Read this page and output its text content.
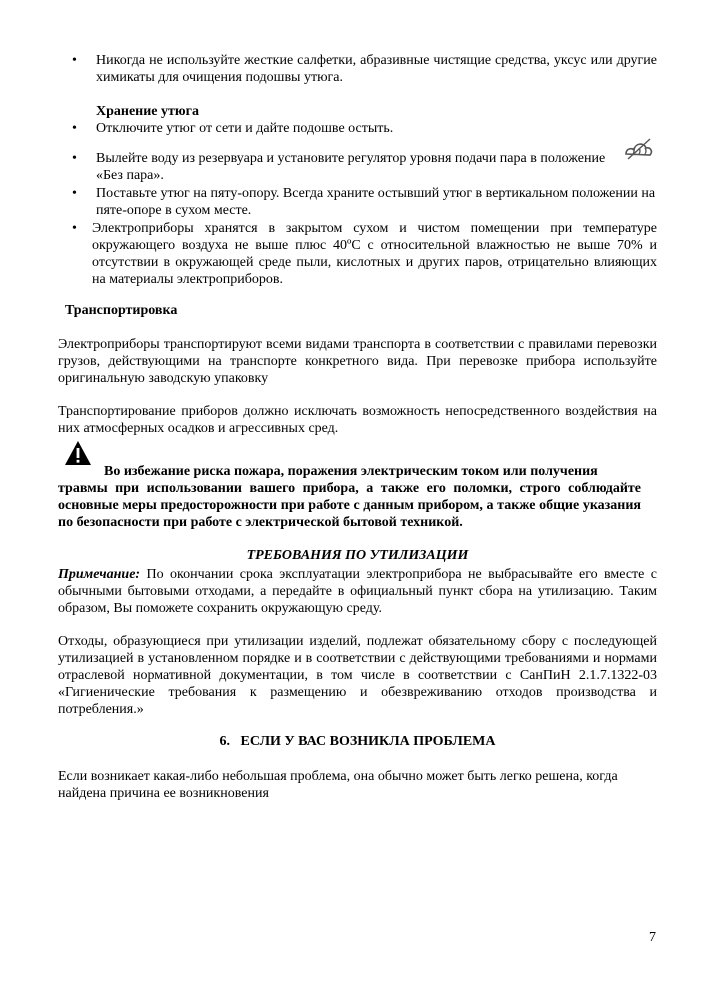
• Никогда не используйте жесткие салфетки, абразивные чистящие средства, уксус или другие химикаты для очищения подошвы утюга.

Хранение утюга

• Отключите утюг от сети и дайте подошве остыть.

• Вылейте воду из резервуара и установите регулятор уровня подачи пара в положение «Без пара».

• Поставьте утюг на пяту-опору. Всегда храните остывший утюг в вертикальном положении на пяте-опоре в сухом месте.

• Электроприборы хранятся в закрытом сухом и чистом помещении при температуре окружающего воздуха не выше плюс 40ºС с относительной влажностью не выше 70% и отсутствии в окружающей среде пыли, кислотных и других паров, отрицательно влияющих на материалы электроприборов.

Транспортировка

Электроприборы транспортируют всеми видами транспорта в соответствии с правилами перевозки грузов, действующими на транспорте конкретного вида. При перевозке прибора используйте оригинальную заводскую упаковку

Транспортирование приборов должно исключать возможность непосредственного воздействия на них атмосферных осадков и агрессивных сред.

Во избежание риска пожара, поражения электрическим током или получения

травмы при использовании вашего прибора, а также его поломки, строго соблюдайте основные меры предосторожности при работе с данным прибором, а также общие указания по безопасности при работе с электрической бытовой техникой.

ТРЕБОВАНИЯ ПО УТИЛИЗАЦИИ

Примечание: По окончании срока эксплуатации электроприбора не выбрасывайте его вместе с обычными бытовыми отходами, а передайте в официальный пункт сбора на утилизацию. Таким образом, Вы поможете сохранить окружающую среду.

Отходы, образующиеся при утилизации изделий, подлежат обязательному сбору с последующей утилизацией в установленном порядке и в соответствии с действующими требованиями и нормами отраслевой нормативной документации, в том числе в соответствии с СанПиН 2.1.7.1322-03 «Гигиенические требования к размещению и обезвреживанию отходов производства и потребления.»

6.   ЕСЛИ У ВАС ВОЗНИКЛА ПРОБЛЕМА

Если возникает какая-либо небольшая проблема, она обычно может быть легко решена, когда найдена причина ее возникновения

7
